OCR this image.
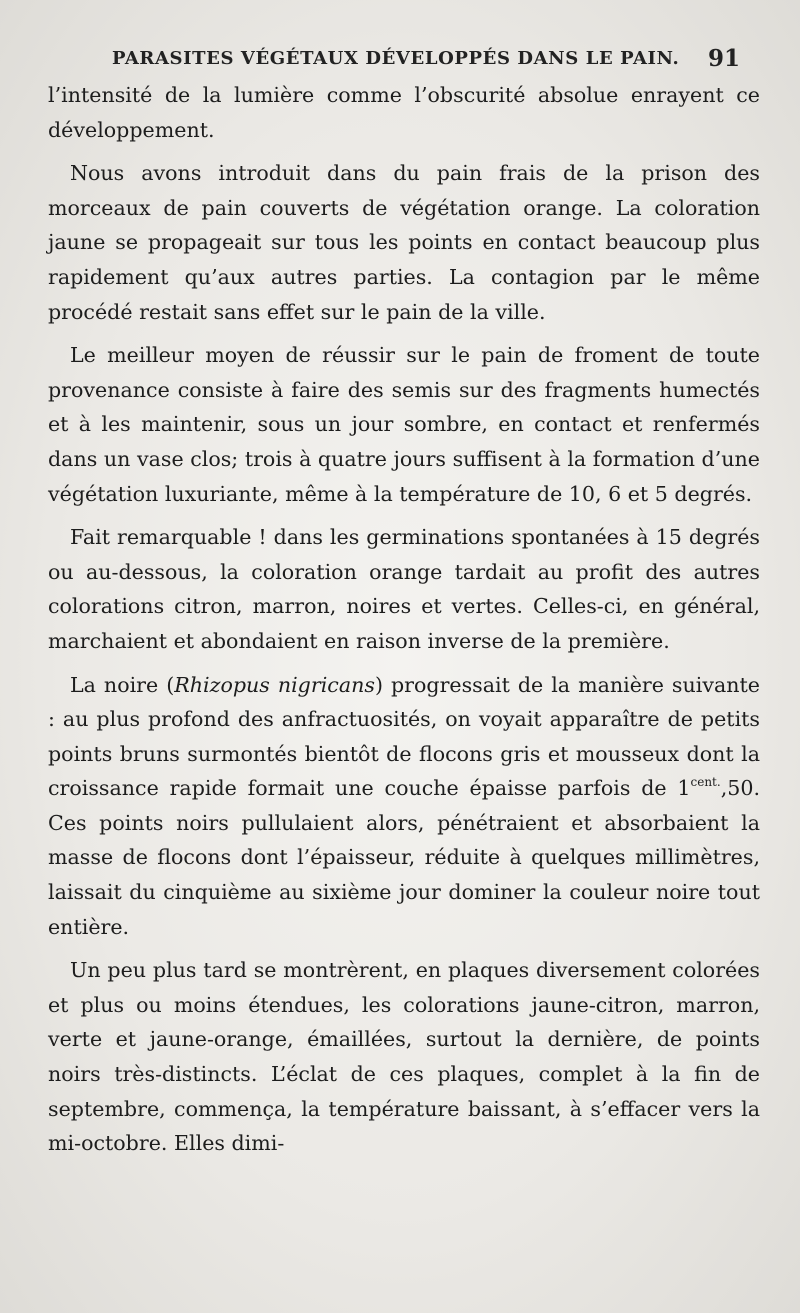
PARASITES VÉGÉTAUX DÉVELOPPÉS DANS LE PAIN. 91

l’intensité de la lumière comme l’obscurité absolue enrayent ce développement.

Nous avons introduit dans du pain frais de la prison des morceaux de pain couverts de végétation orange. La coloration jaune se propageait sur tous les points en contact beaucoup plus rapidement qu’aux autres parties. La contagion par le même procédé restait sans effet sur le pain de la ville.

Le meilleur moyen de réussir sur le pain de froment de toute provenance consiste à faire des semis sur des fragments humectés et à les maintenir, sous un jour sombre, en contact et renfermés dans un vase clos; trois à quatre jours suffisent à la formation d’une végétation luxuriante, même à la température de 10, 6 et 5 degrés.

Fait remarquable ! dans les germinations spontanées à 15 degrés ou au-dessous, la coloration orange tardait au profit des autres colorations citron, marron, noires et vertes. Celles-ci, en général, marchaient et abondaient en raison inverse de la première.

La noire (Rhizopus nigricans) progressait de la manière suivante : au plus profond des anfractuosités, on voyait apparaître de petits points bruns surmontés bientôt de flocons gris et mousseux dont la croissance rapide formait une couche épaisse parfois de $1^{cent.},50$. Ces points noirs pullulaient alors, pénétraient et absorbaient la masse de flocons dont l’épaisseur, réduite à quelques millimètres, laissait du cinquième au sixième jour dominer la couleur noire tout entière.

Un peu plus tard se montrèrent, en plaques diversement colorées et plus ou moins étendues, les colorations jaune-citron, marron, verte et jaune-orange, émaillées, surtout la dernière, de points noirs très-distincts. L’éclat de ces plaques, complet à la fin de septembre, commença, la température baissant, à s’effacer vers la mi-octobre. Elles dimi-
